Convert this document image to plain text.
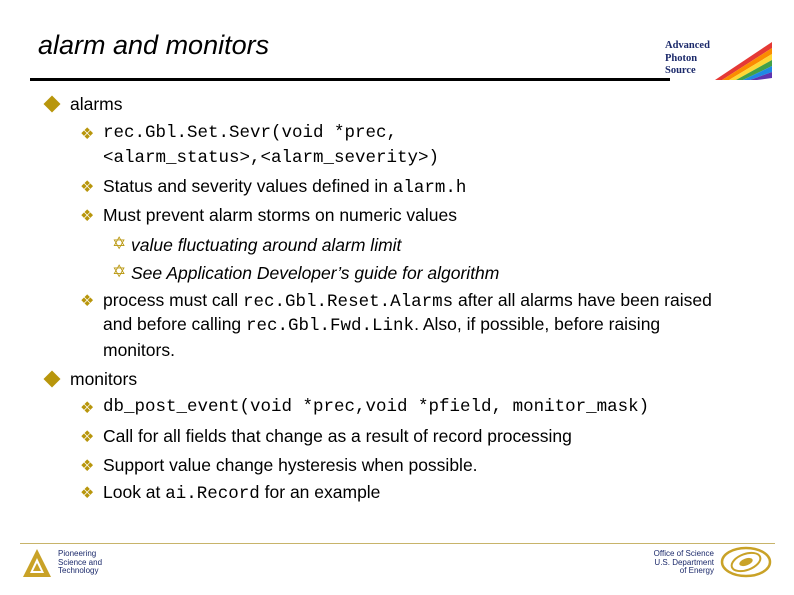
alarm and monitors	Advanced
Photon
Source
alarms
❖ rec.Gbl.Set.Sevr(void *prec,
<alarm_status>,<alarm_severity>)
❖ Status and severity values defined in alarm.h
❖ Must prevent alarm storms on numeric values
✡ value fluctuating around alarm limit
✡ See Application Developer’s guide for algorithm
❖ process must call rec.Gbl.Reset.Alarms after all alarms have been raised
and before calling rec.Gbl.Fwd.Link. Also, if possible, before raising
monitors.
monitors
❖ db_post_event(void *prec,void *pfield, monitor_mask)
❖ Call for all fields that change as a result of record processing
❖ Support value change hysteresis when possible.
❖ Look at ai.Record for an example
Pioneering
Science and
Technology
Office of Science
U.S. Department
of Energy
